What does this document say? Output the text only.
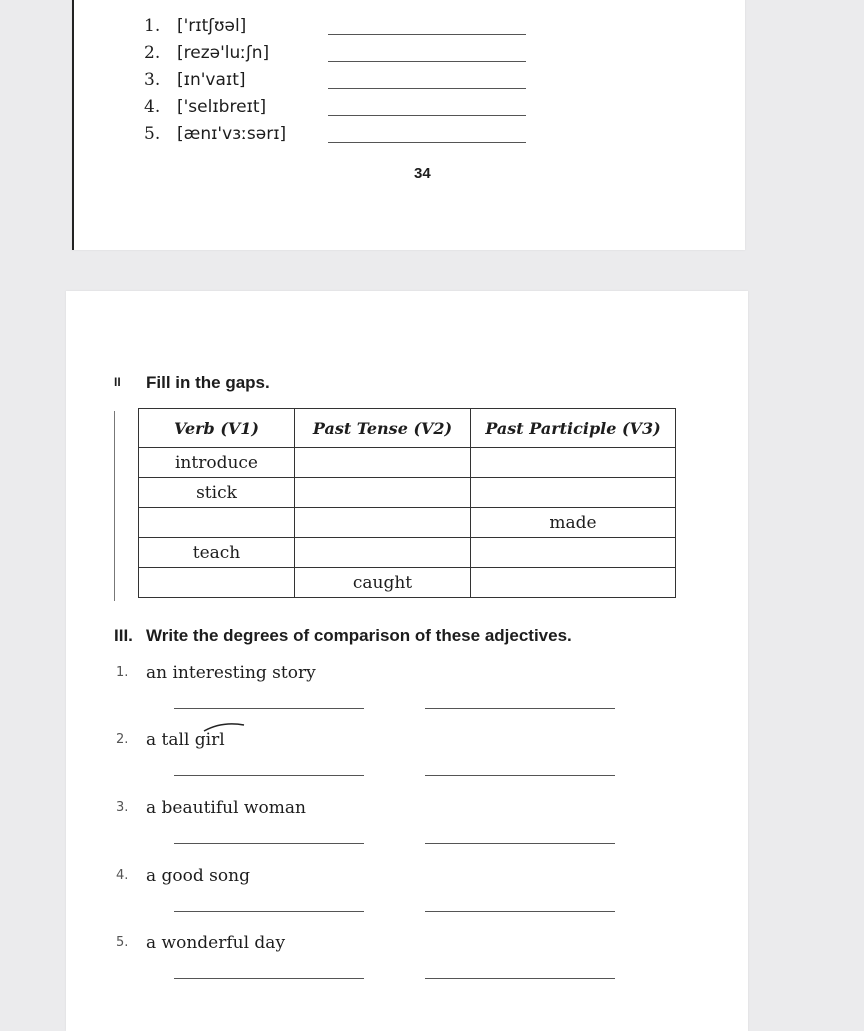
1. ['rɪtʃʊəl]
2. [rezə'luːʃn]
3. [ɪn'vaɪt]
4. ['selɪbreɪt]
5. [ænɪ'vɜːsərɪ]
34
II Fill in the gaps.
Verb (V1)	Past Tense (V2)	Past Participle (V3)
introduce		
stick		
		made
teach		
	caught	
III. Write the degrees of comparison of these adjectives.
1. an interesting story
2. a tall girl
3. a beautiful woman
4. a good song
5. a wonderful day
